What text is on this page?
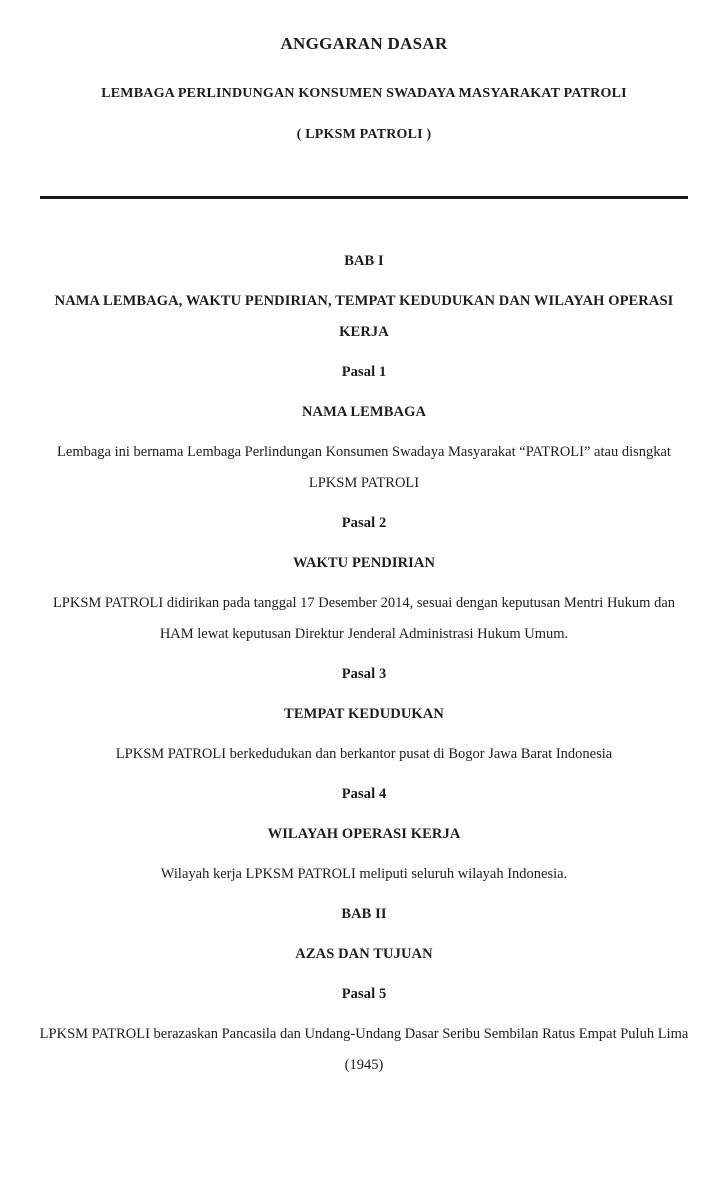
ANGGARAN DASAR
LEMBAGA PERLINDUNGAN KONSUMEN SWADAYA MASYARAKAT PATROLI
( LPKSM PATROLI )

BAB I

NAMA LEMBAGA, WAKTU PENDIRIAN, TEMPAT KEDUDUKAN DAN WILAYAH OPERASI KERJA

Pasal 1

NAMA LEMBAGA

Lembaga ini bernama Lembaga Perlindungan Konsumen Swadaya Masyarakat “PATROLI” atau disngkat LPKSM PATROLI

Pasal 2

WAKTU PENDIRIAN

LPKSM PATROLI didirikan pada tanggal 17 Desember 2014, sesuai dengan keputusan Mentri Hukum dan HAM lewat keputusan Direktur Jenderal Administrasi Hukum Umum.

Pasal 3

TEMPAT KEDUDUKAN

LPKSM PATROLI berkedudukan dan berkantor pusat di Bogor Jawa Barat Indonesia

Pasal 4

WILAYAH OPERASI KERJA

Wilayah kerja LPKSM PATROLI meliputi seluruh wilayah Indonesia.

BAB II

AZAS DAN TUJUAN

Pasal 5

LPKSM PATROLI berazaskan Pancasila dan Undang-Undang Dasar Seribu Sembilan Ratus Empat Puluh Lima (1945)
